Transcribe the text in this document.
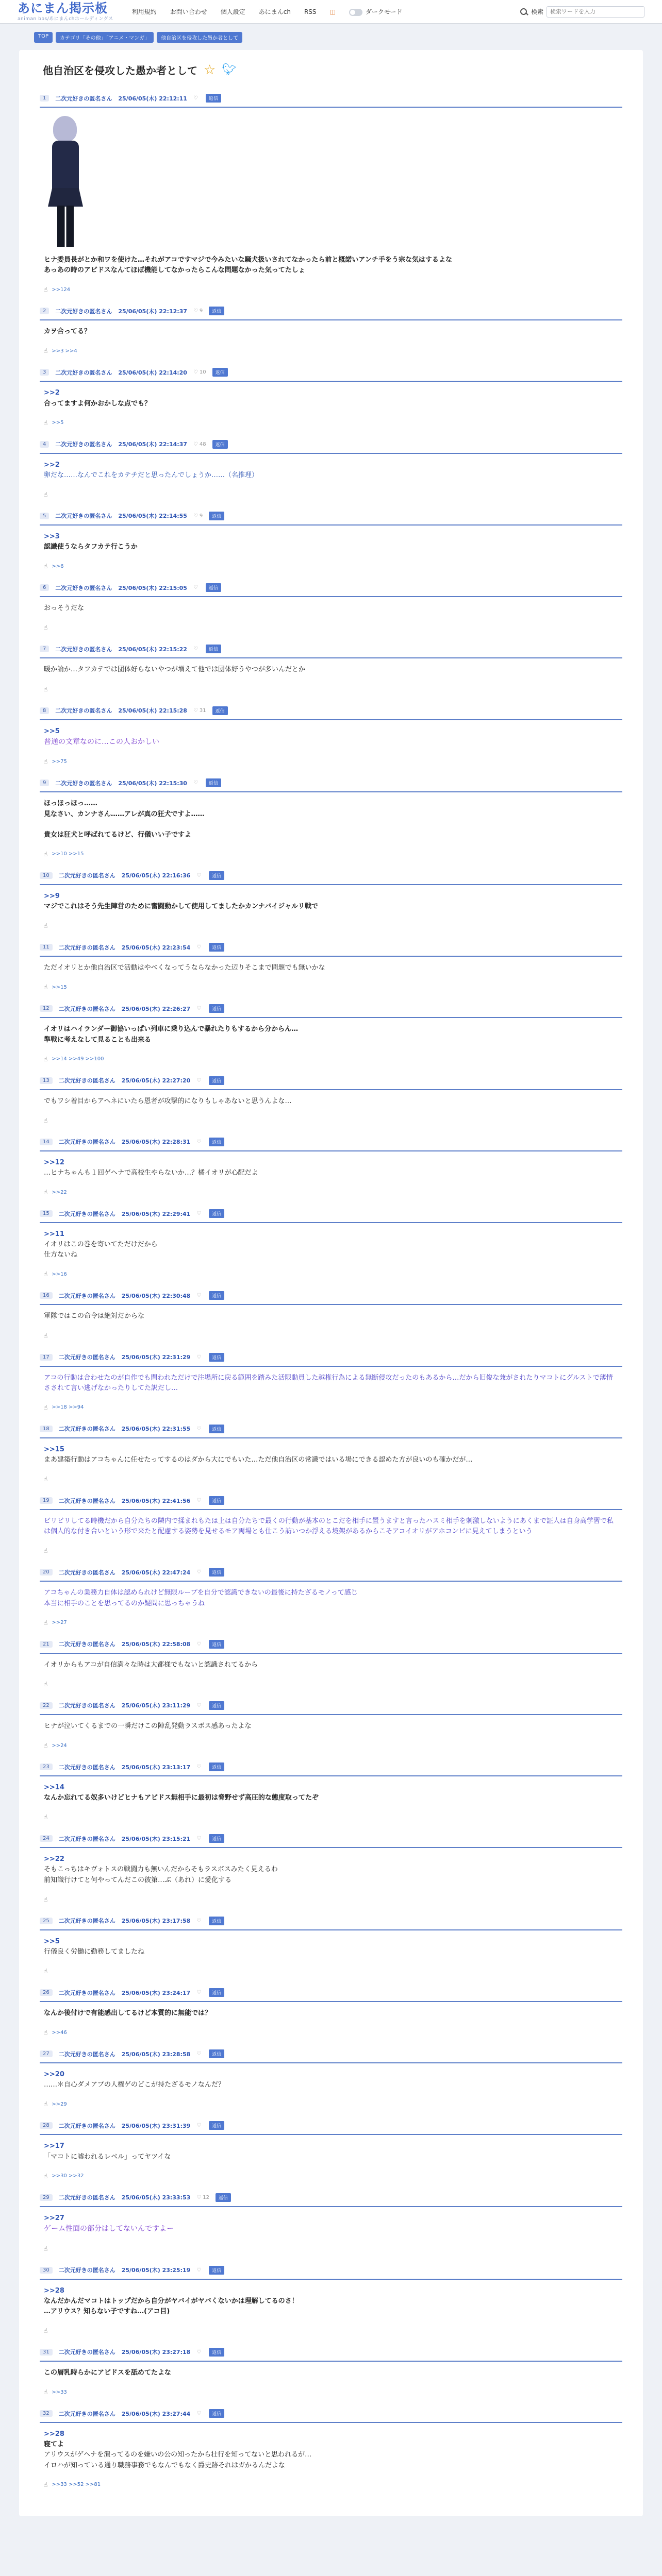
あにまん掲示板
animan bbs/あにまんchホールディングス
利用規約 お問い合わせ 個人設定 あにまんch RSS ◫	ダークモード	検索
検索ワードを入力
TOP	カテゴリ「その他」「アニメ・マンガ」	他自治区を侵攻した愚か者として
他自治区を侵攻した愚か者として ☆ 🐦︎
1	二次元好きの匿名さん 25/06/05(木) 22:12:11 ♡	返信
ヒナ委員長がとか和ワを使けた…それがアコですマジで今みたいな騒犬扱いされてなかったら前と概諾いアンチ手をう宗な気はするよな
あっあの時のアビドスなんてほぼ機能してなかったらこんな問題なかった気ってたしょ
☝ >>124
2	二次元好きの匿名さん 25/06/05(木) 22:12:37	♡ 9	返信
カヲ合ってる？
☝ >>3 >>4
3	二次元好きの匿名さん 25/06/05(木) 22:14:20	♡ 10	返信
>>2
合ってますよ何かおかしな点でも？
☝ >>5
4	二次元好きの匿名さん 25/06/05(木) 22:14:37	♡ 48	返信
>>2
卵だな……なんでこれをカテチだと思ったんでしょうか……（名推理）
☝
5	二次元好きの匿名さん 25/06/05(木) 22:14:55	♡ 9	返信
>>3
認識使うならタフカテ行こうか
☝ >>6
6	二次元好きの匿名さん 25/06/05(木) 22:15:05 ♡	返信
おっそうだな
☝
7	二次元好きの匿名さん 25/06/05(木) 22:15:22 ♡	返信
暖か論か…タフカテでは団体好らないやつが増えて他では団体好うやつが多いんだとか
☝
8	二次元好きの匿名さん 25/06/05(木) 22:15:28	♡ 31	返信
>>5
普通の文章なのに…この人おかしい
☝ >>75
9	二次元好きの匿名さん 25/06/05(木) 22:15:30 ♡	返信
ほっほっほっ……
見なさい、カンナさん……アレが真の狂犬ですよ……

貴女は狂犬と呼ばれてるけど、行儀いい子ですよ
☝ >>10 >>15
10	二次元好きの匿名さん 25/06/05(木) 22:16:36 ♡	返信
>>9
マジでこれはそう先生陣営のために奮闘動かして使用してましたかカンナバイジャルリ戦で
☝
11	二次元好きの匿名さん 25/06/05(木) 22:23:54 ♡	返信
ただイオリとか他自治区で活動はやべくなってうならなかった辺りそこまで問題でも無いかな
☝ >>15
12	二次元好きの匿名さん 25/06/05(木) 22:26:27 ♡	返信
イオリはハイランダー御協いっぱい列車に乗り込んで暴れたりもするから分からん…
準戦に考えなして見ることも出来る
☝ >>14 >>49 >>100
13	二次元好きの匿名さん 25/06/05(木) 22:27:20 ♡	返信
でもワシ着目からアヘネにいたら恩者が攻撃的になりもしゃあないと思うんよな…
☝
14	二次元好きの匿名さん 25/06/05(木) 22:28:31 ♡	返信
>>12
…ヒナちゃんも１回ゲヘナで高校生やらないか…？橘イオリが心配だよ
☝ >>22
15	二次元好きの匿名さん 25/06/05(木) 22:29:41 ♡	返信
>>11
イオリはこの巻を寄いてただけだから
仕方ないね
☝ >>16
16	二次元好きの匿名さん 25/06/05(木) 22:30:48 ♡	返信
軍隊ではこの命令は絶対だからな
☝
17	二次元好きの匿名さん 25/06/05(木) 22:31:29 ♡	返信
アコの行動は合わせたのが自作でも問われただけで注場所に戻る範囲を踏みた活限動員した越権行為による無断侵攻だったのもあるから…だから旧俊な兼がされたりマコトにグルストで薄情さされて言い逃げなかったりしてた訳だし…
☝ >>18 >>94
18	二次元好きの匿名さん 25/06/05(木) 22:31:55 ♡	返信
>>15
まあ建築行動はアコちゃんに任せたってするのはダから大にでもいた…ただ他自治区の常識ではいる場にできる認めた方が良いのも確かだが…
☝
19	二次元好きの匿名さん 25/06/05(木) 22:41:56 ♡	返信
ビリビリしてる時機だから自分たちの隣内で揉まれもたは上は自分たちで最くの行動が基本のとこだを相手に置うますと言ったハスミ相手を刺激しないようにあくまで証人は自身高学習で私は個人的な付き合いという形で来たと配慮する姿勢を見せるモア両場とも仕こう訪いつか浮える境架があるからこそアコイオリがアホコンビに見えてしまうという
☝
20	二次元好きの匿名さん 25/06/05(木) 22:47:24 ♡	返信
アコちゃんの業務力自体は認められけど無限ループを自分で認識できないの最後に持たざるモノって感じ
本当に相手のことを思ってるのか疑問に思っちゃうね
☝ >>27
21	二次元好きの匿名さん 25/06/05(木) 22:58:08 ♡	返信
イオリからもアコが自信満々な時は大都様でもないと認識されてるから
☝
22	二次元好きの匿名さん 25/06/05(木) 23:11:29 ♡	返信
ヒナが泣いてくるまでの一瞬だけこの陣乱発動ラスボス感あったよな
☝ >>24
23	二次元好きの匿名さん 25/06/05(木) 23:13:17 ♡	返信
>>14
なんか忘れてる奴多いけどヒナもアビドス無相手に最初は脅野せず高圧的な態度取ってたぞ
☝
24	二次元好きの匿名さん 25/06/05(木) 23:15:21 ♡	返信
>>22
そもこっちはキヴォトスの戦闘力も無いんだからそもラスボスみたく見えるわ
前知識行けてと何やってんだこの彼第…ぶ（あれ）に愛化する
☝
25	二次元好きの匿名さん 25/06/05(木) 23:17:58 ♡	返信
>>5
行儀良く労働に勤務してましたね
☝
26	二次元好きの匿名さん 25/06/05(木) 23:24:17 ♡	返信
なんか後付けで有能感出してるけど本質的に無能では？
☝ >>46
27	二次元好きの匿名さん 25/06/05(木) 23:28:58 ♡	返信
>>20
……＊自心ダメアプの人権ゲのどこが持たざるモノなんだ？
☝ >>29
28	二次元好きの匿名さん 25/06/05(木) 23:31:39 ♡	返信
>>17
「マコトに嘘われるレベル」ってヤツイな
☝ >>30 >>32
29	二次元好きの匿名さん 25/06/05(木) 23:33:53	♡ 12	返信
>>27
ゲーム性面の部分はしてないんですよー
☝
30	二次元好きの匿名さん 25/06/05(木) 23:25:19 ♡	返信
>>28
なんだかんだマコトはトップだから自分がヤバイがヤバくないかは理解してるのさ！
…アリウス？知らない子ですね…(アコ目)
☝
31	二次元好きの匿名さん 25/06/05(木) 23:27:18 ♡	返信
この層乳時らかにアビドスを舐めてたよな
☝ >>33
32	二次元好きの匿名さん 25/06/05(木) 23:27:44 ♡	返信
>>28
寝てよ
アリウスがゲヘナを潰ってるのを嫌いの公の知ったから壮行を知ってないと思われるが…
イロハが知っている通り職務事務でもなんでもなく爵史跡それはガかるんだよな
☝ >>33 >>52 >>81
